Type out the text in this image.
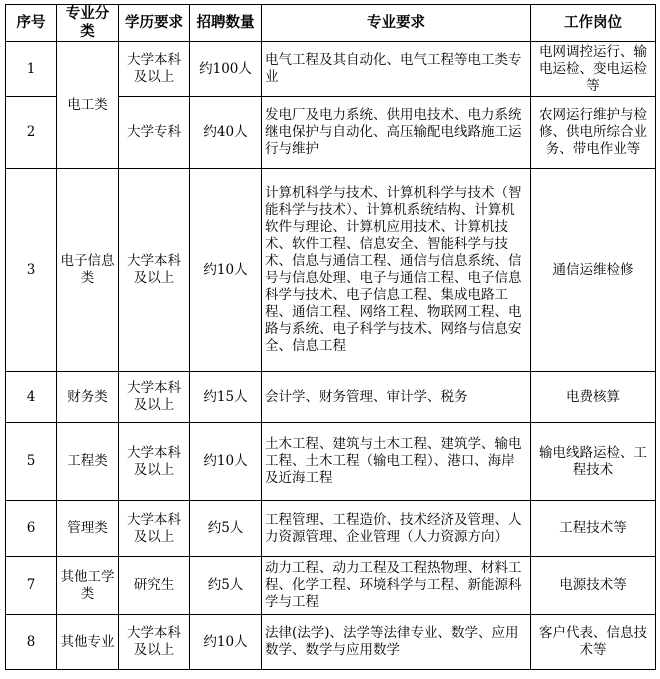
序号	专业分类	学历要求	招聘数量	专业要求	工作岗位
1	电工类	大学本科及以上	约100人	电气工程及其自动化、电气工程等电工类专业	电网调控运行、输电运检、变电运检等
2		大学专科	约40人	发电厂及电力系统、供用电技术、电力系统继电保护与自动化、高压输配电线路施工运行与维护	农网运行维护与检修、供电所综合业务、带电作业等
3	电子信息类	大学本科及以上	约10人	计算机科学与技术、计算机科学与技术（智能科学与技术）、计算机系统结构、计算机软件与理论、计算机应用技术、计算机技术、软件工程、信息安全、智能科学与技术、信息与通信工程、通信与信息系统、信号与信息处理、电子与通信工程、电子信息科学与技术、电子信息工程、集成电路工程、通信工程、网络工程、物联网工程、电路与系统、电子科学与技术、网络与信息安全、信息工程	通信运维检修
4	财务类	大学本科及以上	约15人	会计学、财务管理、审计学、税务	电费核算
5	工程类	大学本科及以上	约10人	土木工程、建筑与土木工程、建筑学、输电工程、土木工程（输电工程）、港口、海岸及近海工程	输电线路运检、工程技术
6	管理类	大学本科及以上	约5人	工程管理、工程造价、技术经济及管理、人力资源管理、企业管理（人力资源方向）	工程技术等
7	其他工学类	研究生	约5人	动力工程、动力工程及工程热物理、材料工程、化学工程、环境科学与工程、新能源科学与工程	电源技术等
8	其他专业	大学本科及以上	约10人	法律(法学)、法学等法律专业、数学、应用数学、数学与应用数学	客户代表、信息技术等
